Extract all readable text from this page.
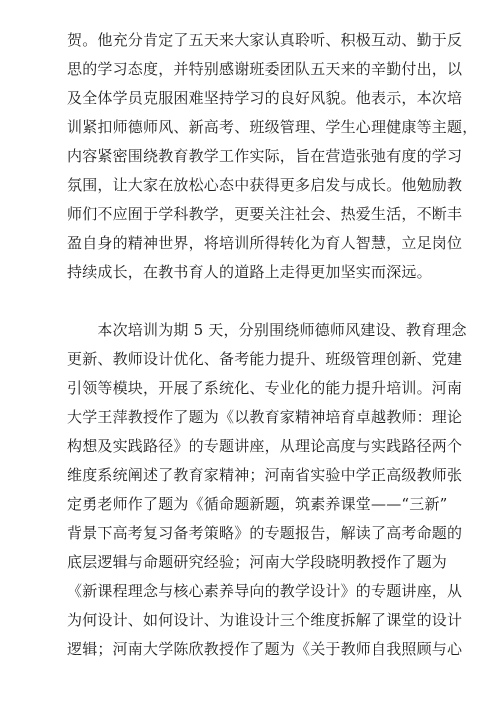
贺。他充分肯定了五天来大家认真聆听、积极互动、勤于反
思的学习态度，并特别感谢班委团队五天来的辛勤付出，以
及全体学员克服困难坚持学习的良好风貌。他表示，本次培
训紧扣师德师风、新高考、班级管理、学生心理健康等主题，
内容紧密围绕教育教学工作实际，旨在营造张弛有度的学习
氛围，让大家在放松心态中获得更多启发与成长。他勉励教
师们不应囿于学科教学，更要关注社会、热爱生活，不断丰
盈自身的精神世界，将培训所得转化为育人智慧，立足岗位
持续成长，在教书育人的道路上走得更加坚实而深远。
　　本次培训为期 5 天，分别围绕师德师风建设、教育理念
更新、教师设计优化、备考能力提升、班级管理创新、党建
引领等模块，开展了系统化、专业化的能力提升培训。河南
大学王萍教授作了题为《以教育家精神培育卓越教师：理论
构想及实践路径》的专题讲座，从理论高度与实践路径两个
维度系统阐述了教育家精神；河南省实验中学正高级教师张
定勇老师作了题为《循命题新题，筑素养课堂——“三新”
背景下高考复习备考策略》的专题报告，解读了高考命题的
底层逻辑与命题研究经验；河南大学段晓明教授作了题为
《新课程理念与核心素养导向的教学设计》的专题讲座，从
为何设计、如何设计、为谁设计三个维度拆解了课堂的设计
逻辑；河南大学陈欣教授作了题为《关于教师自我照顾与心
